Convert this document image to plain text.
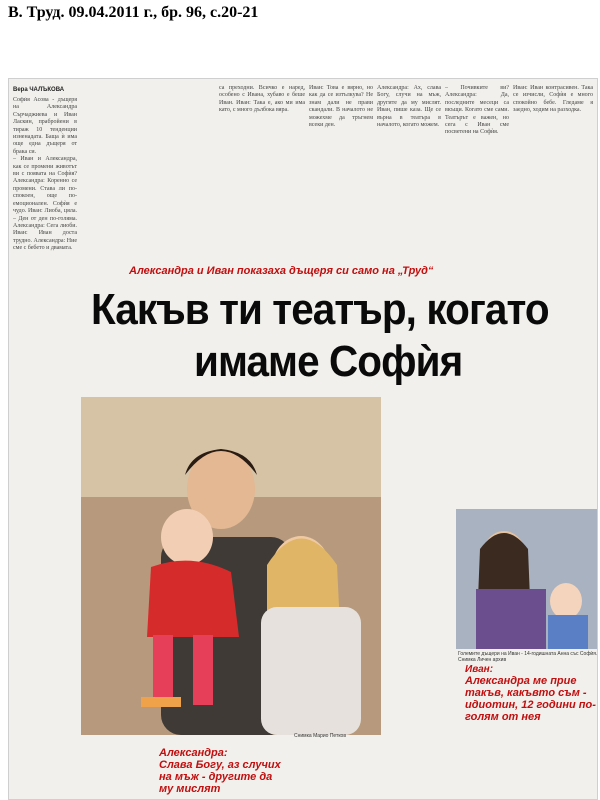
В. Труд. 09.04.2011 г., бр. 96, с.20-21
Вера ЧАЛЪКОВА

Софѝя Асова - дъщеря на Александра Сърчаджиева и Иван Ласкин, прабройени в тираж 10 тенденции изненадата. Баща ѝ има още една дъщеря от брака си.

– Иван и Александра, как се промени животът ви с появата на Софѝя? Александра: Коренно се промени. Става ли по-спокоен, още по-емоционален. Софѝя е чудо. Иван: Лиоба, цяла. – Ден от ден по-голяма. Александра: Сега лиоби. Иван: Иван доста трудно. Александра: Ние сме с бебето и двамата.

са преходни. Всичко е наред, особено с Ивана, хубаво е беше Иван. Иван: Така е, ако ми има като, с много дълбока вяра.

Иван: Това е вярно, но как да се изтълкува? Не знам дали не прави скандали. В началото не можехме да тръгнем всеки ден.

Александра: Ах, слава Богу, случи на мъж, другите да му мислят. Иван, пише каза. Ще се върна в театъра в началото, когато можем.

– Почивките ви? Александра: Да, последните месеци са вкъщи. Когато сме сами. Театърът е важен, но сега с Иван сме посветени на Софѝя.

Иван: Иван контрасивен. Така се изчисли, Софѝя е много спокойно бебе. Гледаме я заедно, ходим на разходка.

Александра и Иван показаха дъщеря си само на „Труд“
Какъв ти театър, когато
имаме Софѝя
Снимка Марио Петков
Големите дъщери на Иван - 14-годишната Анна със Софѝя. Снимка Личен архив
Александра:
Слава Богу, аз случих на мъж - другите да му мислят
Иван:
Александра ме прие такъв, какъвто съм - идиотин, 12 години по-голям от нея
